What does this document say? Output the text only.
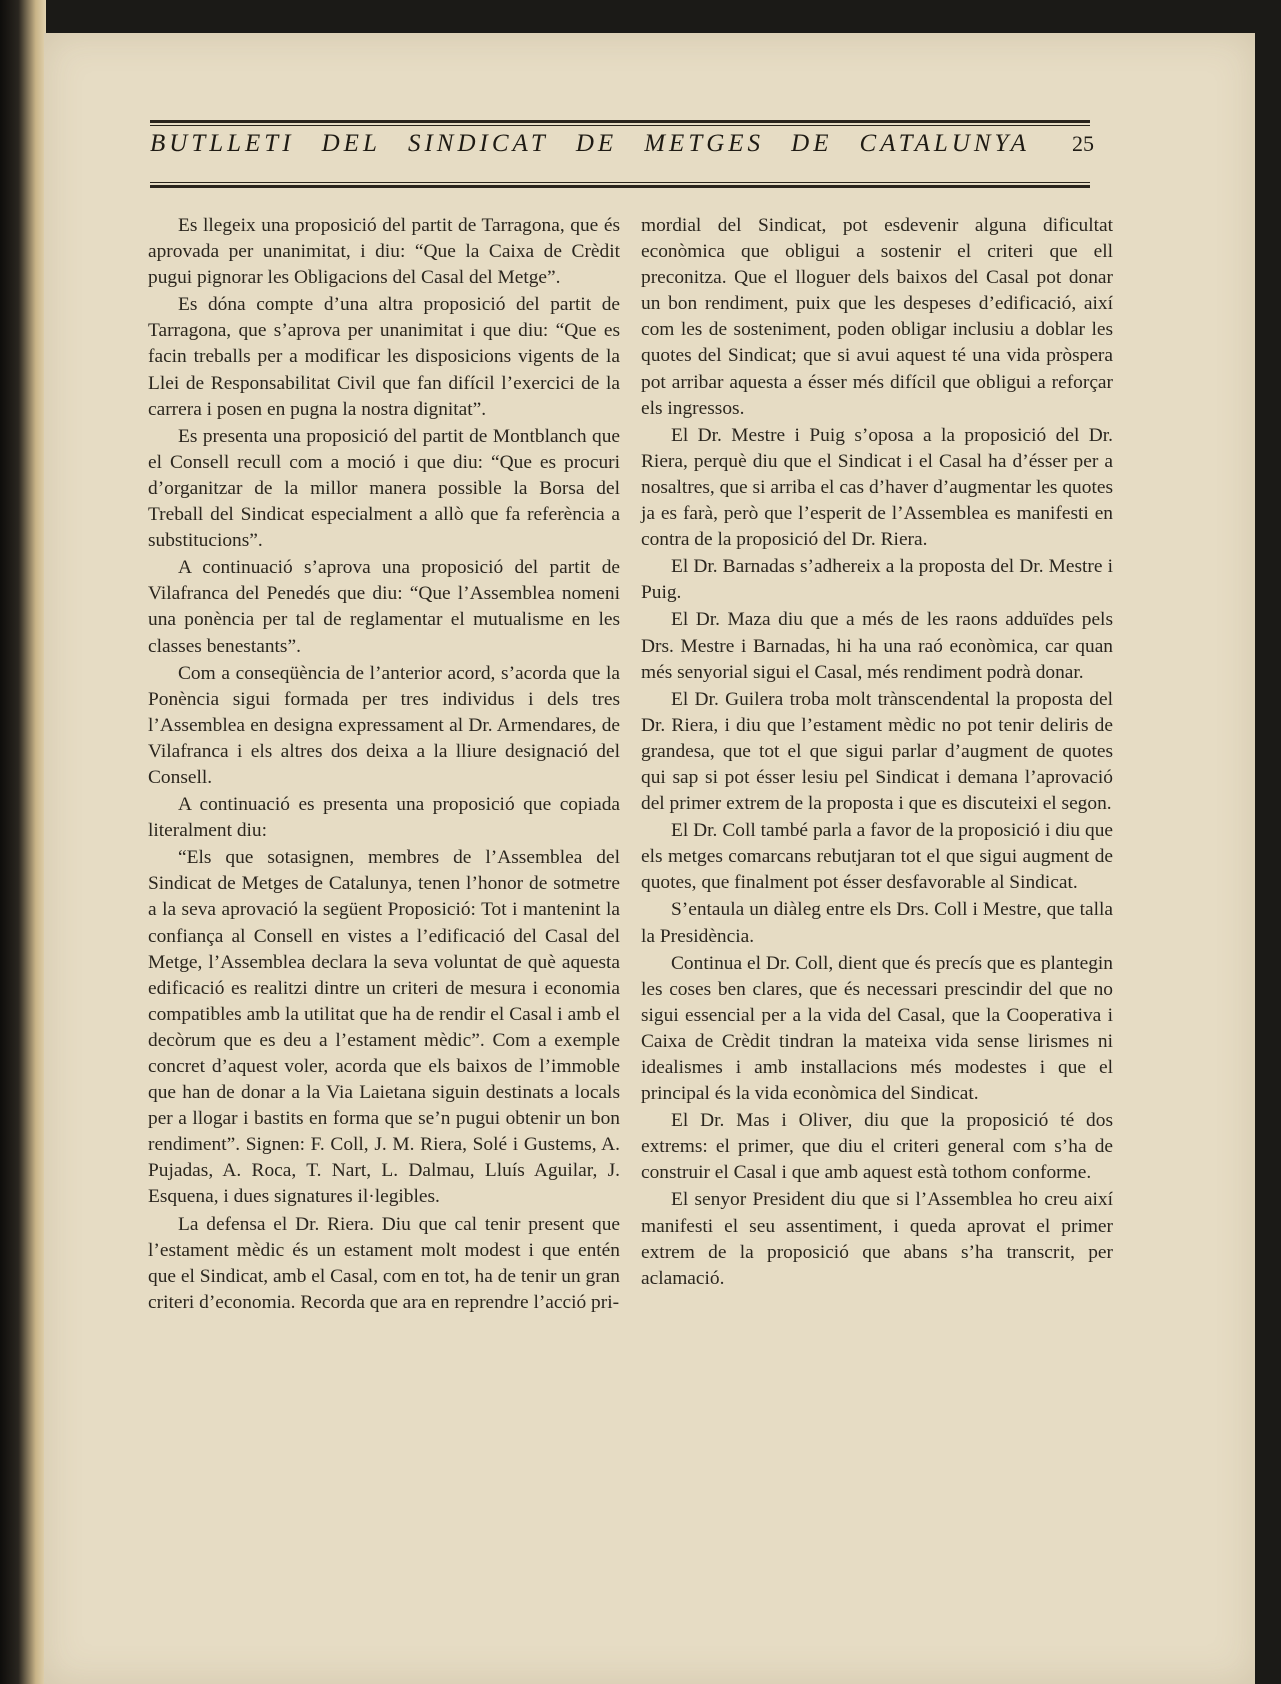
BUTLLETI DEL SINDICAT DE METGES DE CATALUNYA 25

Es llegeix una proposició del partit de Tarragona, que és aprovada per unanimitat, i diu: “Que la Caixa de Crèdit pugui pignorar les Obligacions del Casal del Metge”.

Es dóna compte d’una altra proposició del partit de Tarragona, que s’aprova per unanimitat i que diu: “Que es facin treballs per a modificar les disposicions vigents de la Llei de Responsabilitat Civil que fan difícil l’exercici de la carrera i posen en pugna la nostra dignitat”.

Es presenta una proposició del partit de Montblanch que el Consell recull com a moció i que diu: “Que es procuri d’organitzar de la millor manera possible la Borsa del Treball del Sindicat especialment a allò que fa referència a substitucions”.

A continuació s’aprova una proposició del partit de Vilafranca del Penedés que diu: “Que l’Assemblea nomeni una ponència per tal de reglamentar el mutualisme en les classes benestants”.

Com a conseqüència de l’anterior acord, s’acorda que la Ponència sigui formada per tres individus i dels tres l’Assemblea en designa expressament al Dr. Armendares, de Vilafranca i els altres dos deixa a la lliure designació del Consell.

A continuació es presenta una proposició que copiada literalment diu:

“Els que sotasignen, membres de l’Assemblea del Sindicat de Metges de Catalunya, tenen l’honor de sotmetre a la seva aprovació la següent Proposició: Tot i mantenint la confiança al Consell en vistes a l’edificació del Casal del Metge, l’Assemblea declara la seva voluntat de què aquesta edificació es realitzi dintre un criteri de mesura i economia compatibles amb la utilitat que ha de rendir el Casal i amb el decòrum que es deu a l’estament mèdic”. Com a exemple concret d’aquest voler, acorda que els baixos de l’immoble que han de donar a la Via Laietana siguin destinats a locals per a llogar i bastits en forma que se’n pugui obtenir un bon rendiment”. Signen: F. Coll, J. M. Riera, Solé i Gustems, A. Pujadas, A. Roca, T. Nart, L. Dalmau, Lluís Aguilar, J. Esquena, i dues signatures il·legibles.

La defensa el Dr. Riera. Diu que cal tenir present que l’estament mèdic és un estament molt modest i que entén que el Sindicat, amb el Casal, com en tot, ha de tenir un gran criteri d’economia. Recorda que ara en reprendre l’acció pri-

mordial del Sindicat, pot esdevenir alguna dificultat econòmica que obligui a sostenir el criteri que ell preconitza. Que el lloguer dels baixos del Casal pot donar un bon rendiment, puix que les despeses d’edificació, així com les de sosteniment, poden obligar inclusiu a doblar les quotes del Sindicat; que si avui aquest té una vida pròspera pot arribar aquesta a ésser més difícil que obligui a reforçar els ingressos.

El Dr. Mestre i Puig s’oposa a la proposició del Dr. Riera, perquè diu que el Sindicat i el Casal ha d’ésser per a nosaltres, que si arriba el cas d’haver d’augmentar les quotes ja es farà, però que l’esperit de l’Assemblea es manifesti en contra de la proposició del Dr. Riera.

El Dr. Barnadas s’adhereix a la proposta del Dr. Mestre i Puig.

El Dr. Maza diu que a més de les raons adduïdes pels Drs. Mestre i Barnadas, hi ha una raó econòmica, car quan més senyorial sigui el Casal, més rendiment podrà donar.

El Dr. Guilera troba molt trànscendental la proposta del Dr. Riera, i diu que l’estament mèdic no pot tenir deliris de grandesa, que tot el que sigui parlar d’augment de quotes qui sap si pot ésser lesiu pel Sindicat i demana l’aprovació del primer extrem de la proposta i que es discuteixi el segon.

El Dr. Coll també parla a favor de la proposició i diu que els metges comarcans rebutjaran tot el que sigui augment de quotes, que finalment pot ésser desfavorable al Sindicat.

S’entaula un diàleg entre els Drs. Coll i Mestre, que talla la Presidència.

Continua el Dr. Coll, dient que és precís que es plantegin les coses ben clares, que és necessari prescindir del que no sigui essencial per a la vida del Casal, que la Cooperativa i Caixa de Crèdit tindran la mateixa vida sense lirismes ni idealismes i amb installacions més modestes i que el principal és la vida econòmica del Sindicat.

El Dr. Mas i Oliver, diu que la proposició té dos extrems: el primer, que diu el criteri general com s’ha de construir el Casal i que amb aquest està tothom conforme.

El senyor President diu que si l’Assemblea ho creu així manifesti el seu assentiment, i queda aprovat el primer extrem de la proposició que abans s’ha transcrit, per aclamació.
